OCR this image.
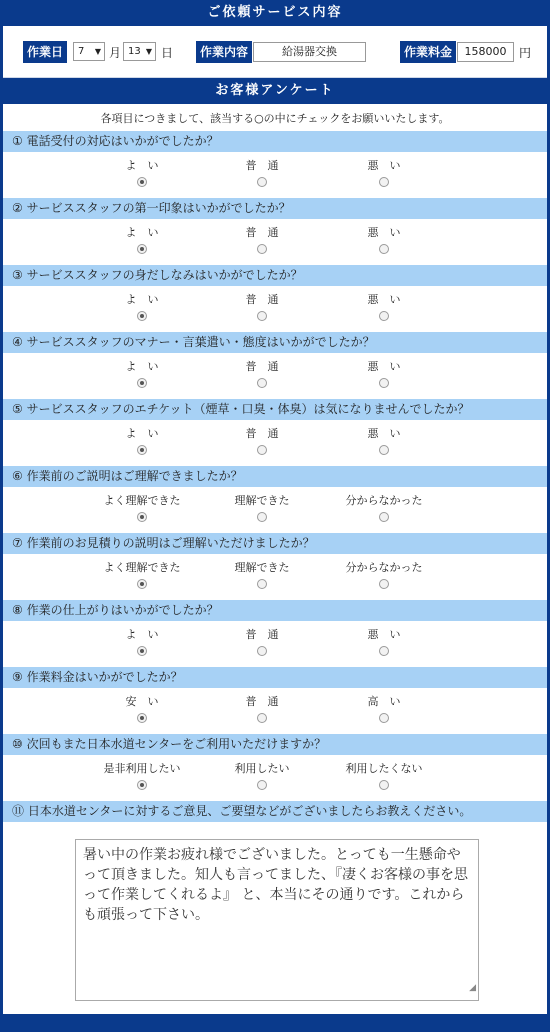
ご依頼サービス内容
作業日	7 ▼ 月 13 ▼ 日	作業内容	給湯器交換	作業料金	158000	円
お客様アンケート
各項目につきまして、該当する○の中にチェックをお願いいたします。
① 電話受付の対応はいかがでしたか？
よ　い	普　通	悪　い
② サービススタッフの第一印象はいかがでしたか？
よ　い	普　通	悪　い
③ サービススタッフの身だしなみはいかがでしたか？
よ　い	普　通	悪　い
④ サービススタッフのマナー・言葉遣い・態度はいかがでしたか？
よ　い	普　通	悪　い
⑤ サービススタッフのエチケット（煙草・口臭・体臭）は気になりませんでしたか？
よ　い	普　通	悪　い
⑥ 作業前のご説明はご理解できましたか？
よく理解できた	理解できた	分からなかった
⑦ 作業前のお見積りの説明はご理解いただけましたか？
よく理解できた	理解できた	分からなかった
⑧ 作業の仕上がりはいかがでしたか？
よ　い	普　通	悪　い
⑨ 作業料金はいかがでしたか？
安　い	普　通	高　い
⑩ 次回もまた日本水道センターをご利用いただけますか？
是非利用したい	利用したい	利用したくない
⑪ 日本水道センターに対するご意見、ご要望などがございましたらお教えください。
暑い中の作業お疲れ様でございました。とっても一生懸命やって頂きました。知人も言ってました、『凄くお客様の事を思って作業してくれるよ』 と、本当にその通りです。これからも頑張って下さい。
◢
